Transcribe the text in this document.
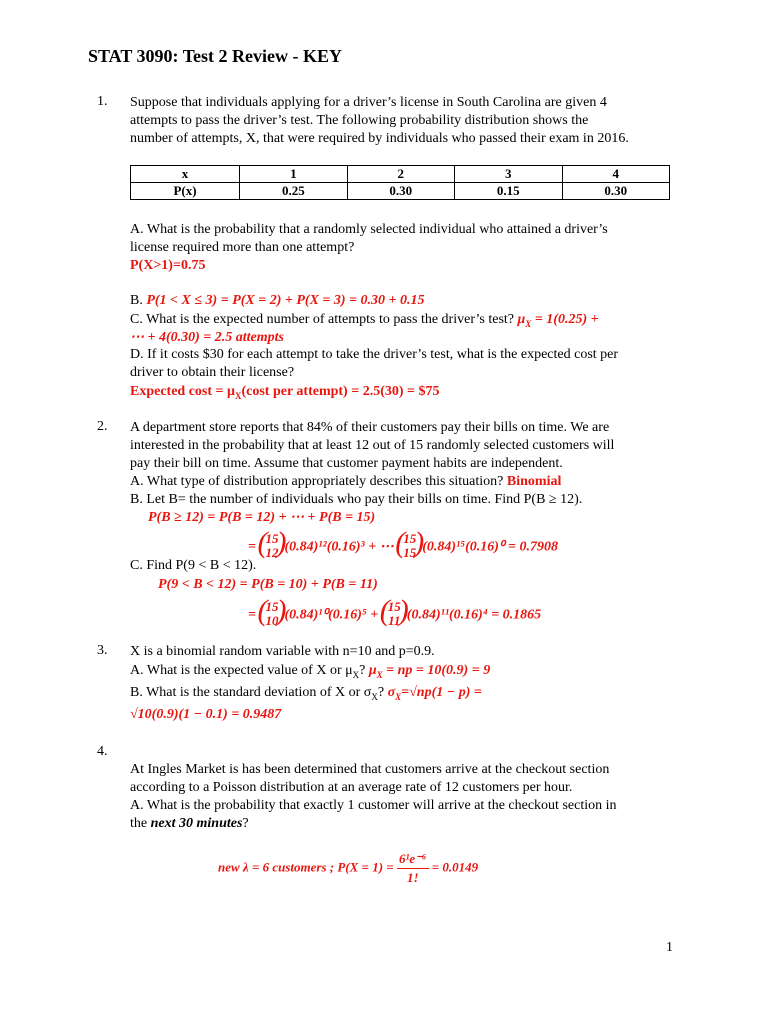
STAT 3090: Test 2 Review - KEY
1. Suppose that individuals applying for a driver’s license in South Carolina are given 4
attempts to pass the driver’s test. The following probability distribution shows the
number of attempts, X, that were required by individuals who passed their exam in 2016.
x	1	2	3	4
P(x)	0.25	0.30	0.15	0.30
A. What is the probability that a randomly selected individual who attained a driver’s
license required more than one attempt?
P(X>1)=0.75
B. P(1 < X ≤ 3) = P(X = 2) + P(X = 3) = 0.30 + 0.15
C. What is the expected number of attempts to pass the driver’s test? $\mu_X = 1(0.25)$ +
⋯ + 4(0.30) = 2.5 attempts
D. If it costs $30 for each attempt to take the driver’s test, what is the expected cost per
driver to obtain their license?
Expected $\cos t = \mu_X(\cos t$ per attempt) = 2.5(30) = $75
2. A department store reports that 84% of their customers pay their bills on time. We are
interested in the probability that at least 12 out of 15 randomly selected customers will
pay their bill on time. Assume that customer payment habits are independent.
A. What type of distribution appropriately describes this situation? Binomial
B. Let B= the number of individuals who pay their bills on time. Find P(B ≥ 12).
P(B ≥ 12) = P(B = 12) + ⋯ + P(B = 15)
= (
15
12
)
(0.84)¹²(0.16)³ + ⋯ (
15
15
)
(0.84)¹⁵(0.16)⁰ = 0.7908
C. Find P(9 < B < 12).
P(9 < B < 12) = P(B = 10) + P(B = 11)
= (
15
10
)
(0.84)¹⁰(0.16)⁵ + (
15
11
)
(0.84)¹¹(0.16)⁴ = 0.1865
3. X is a binomial random variable with n=10 and p=0.9.
A. What is the expected value of X or $\mu_X$? $\mu_X$ = np = 10(0.9) = 9
B. What is the standard deviation of X or $\sigma_X$? $\sigma_X=√np(1 - p)$ =
√10(0.9)(1 − 0.1) = 0.9487
4.
At Ingles Market is has been determined that customers arrive at the checkout section
according to a Poisson distribution at an average rate of 12 customers per hour.
A. What is the probability that exactly 1 customer will arrive at the checkout section in
the next 30 minutes?
new λ = 6 customers ; $P(X = 1) = \frac{\text{6¹e⁻⁶}}{1!} = 0.0149$
1
